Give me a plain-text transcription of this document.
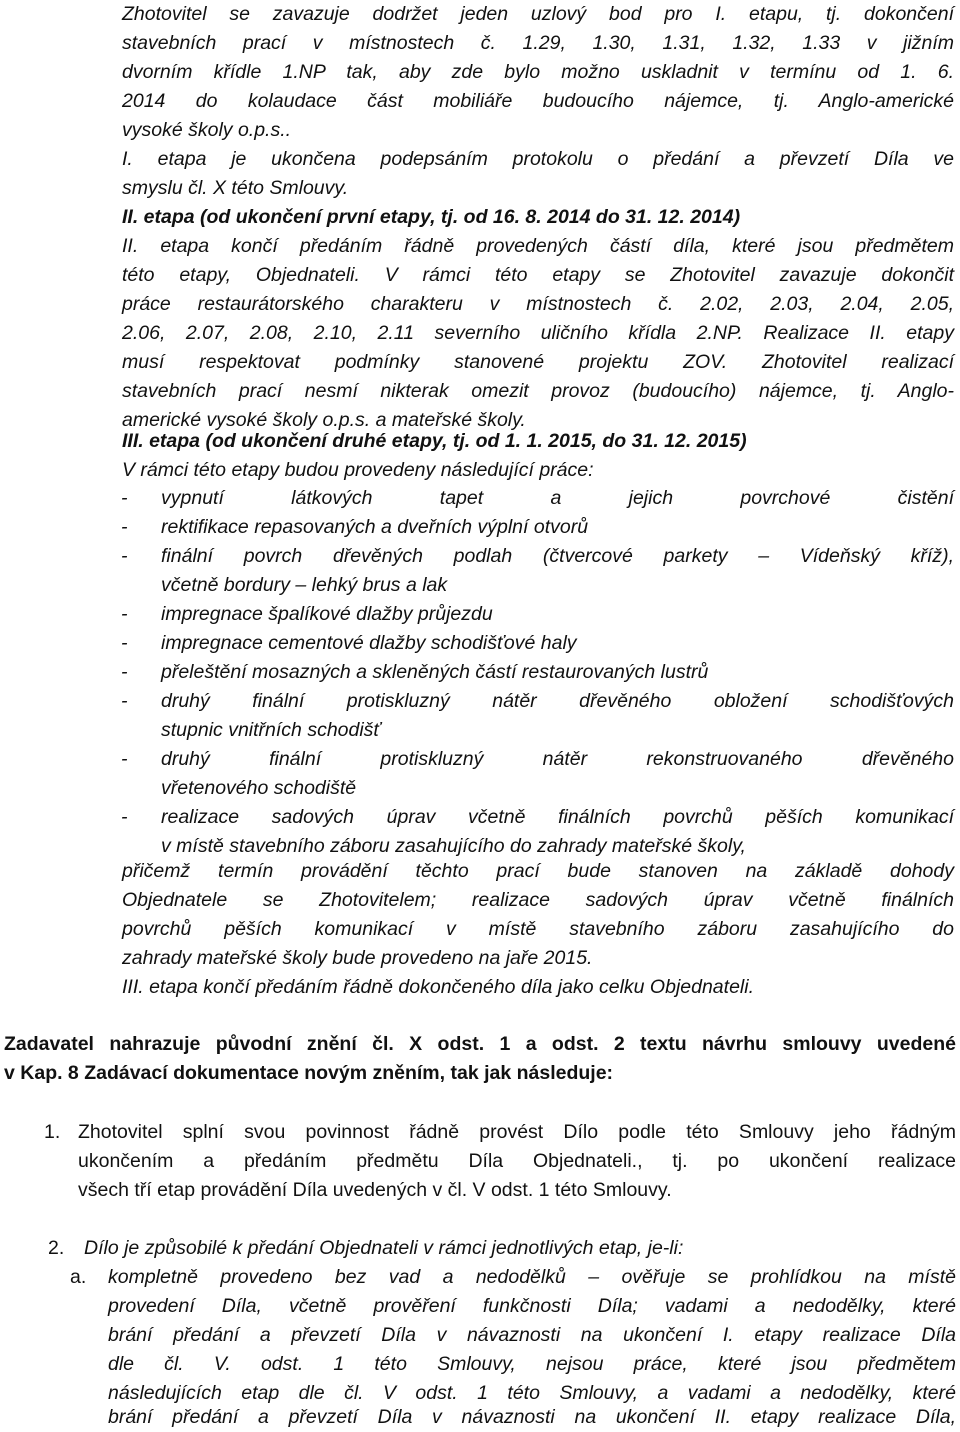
Zhotovitel se zavazuje dodržet jeden uzlový bod pro I. etapu, tj. dokončení
stavebních prací v místnostech č. 1.29, 1.30, 1.31, 1.32, 1.33 v jižním
dvorním křídle 1.NP tak, aby zde bylo možno uskladnit v termínu od 1. 6.
2014 do kolaudace část mobiliáře budoucího nájemce, tj. Anglo-americké
vysoké školy o.p.s..
I. etapa je ukončena podepsáním protokolu o předání a převzetí Díla ve
smyslu čl. X této Smlouvy.
II. etapa (od ukončení první etapy, tj. od 16. 8. 2014 do 31. 12. 2014)
II. etapa končí předáním řádně provedených částí díla, které jsou předmětem
této etapy, Objednateli. V rámci této etapy se Zhotovitel zavazuje dokončit
práce restaurátorského charakteru v místnostech č. 2.02, 2.03, 2.04, 2.05,
2.06, 2.07, 2.08, 2.10, 2.11 severního uličního křídla 2.NP. Realizace II. etapy
musí respektovat podmínky stanovené projektu ZOV. Zhotovitel realizací
stavebních prací nesmí nikterak omezit provoz (budoucího) nájemce, tj. Anglo-
americké vysoké školy o.p.s. a mateřské školy.
III. etapa (od ukončení druhé etapy, tj. od 1. 1. 2015, do 31. 12. 2015)
V rámci této etapy budou provedeny následující práce:
- vypnutí látkových tapet a jejich povrchové čistění
- rektifikace repasovaných a dveřních výplní otvorů
- finální povrch dřevěných podlah (čtvercové parkety – Vídeňský kříž),
včetně bordury – lehký brus a lak
- impregnace špalíkové dlažby průjezdu
- impregnace cementové dlažby schodišťové haly
- přeleštění mosazných a skleněných částí restaurovaných lustrů
- druhý finální protiskluzný nátěr dřevěného obložení schodišťových
stupnic vnitřních schodišť
- druhý finální protiskluzný nátěr rekonstruovaného dřevěného
vřetenového schodiště
- realizace sadových úprav včetně finálních povrchů pěších komunikací
v místě stavebního záboru zasahujícího do zahrady mateřské školy,
přičemž termín provádění těchto prací bude stanoven na základě dohody
Objednatele se Zhotovitelem; realizace sadových úprav včetně finálních
povrchů pěších komunikací v místě stavebního záboru zasahujícího do
zahrady mateřské školy bude provedeno na jaře 2015.
III. etapa končí předáním řádně dokončeného díla jako celku Objednateli.
Zadavatel nahrazuje původní znění čl. X odst. 1 a odst. 2 textu návrhu smlouvy uvedené
v Kap. 8 Zadávací dokumentace novým zněním, tak jak následuje:
1. Zhotovitel splní svou povinnost řádně provést Dílo podle této Smlouvy jeho řádným
ukončením a předáním předmětu Díla Objednateli., tj. po ukončení realizace
všech tří etap provádění Díla uvedených v čl. V odst. 1 této Smlouvy.
2. Dílo je způsobilé k předání Objednateli v rámci jednotlivých etap, je-li:
a. kompletně provedeno bez vad a nedodělků – ověřuje se prohlídkou na místě
provedení Díla, včetně prověření funkčnosti Díla; vadami a nedodělky, které
brání předání a převzetí Díla v návaznosti na ukončení I. etapy realizace Díla
dle čl. V. odst. 1 této Smlouvy, nejsou práce, které jsou předmětem
následujících etap dle čl. V odst. 1 této Smlouvy, a vadami a nedodělky, které
brání předání a převzetí Díla v návaznosti na ukončení II. etapy realizace Díla,
